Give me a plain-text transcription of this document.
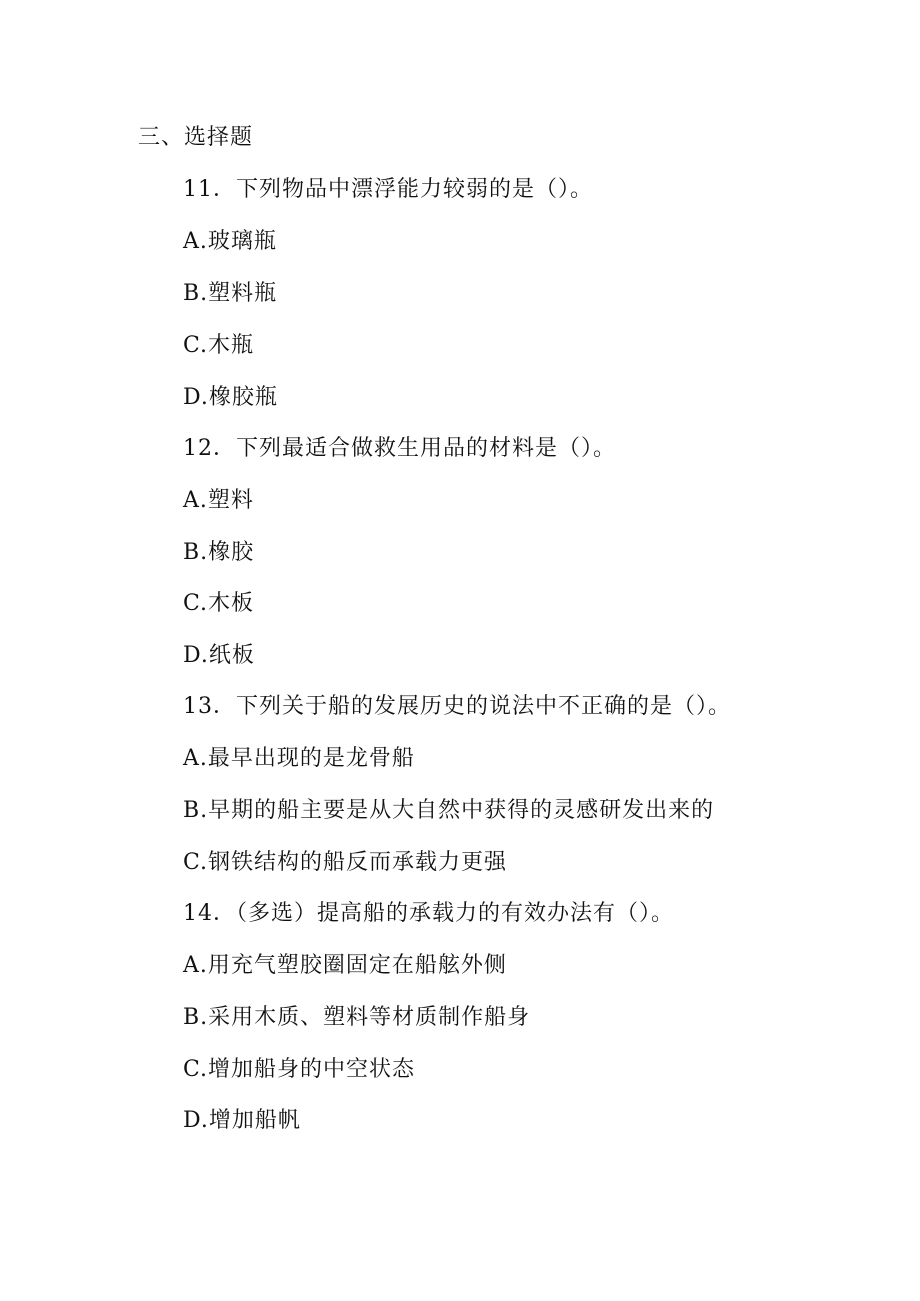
三、选择题
11．下列物品中漂浮能力较弱的是（）。
A.玻璃瓶
B.塑料瓶
C.木瓶
D.橡胶瓶
12．下列最适合做救生用品的材料是（）。
A.塑料
B.橡胶
C.木板
D.纸板
13．下列关于船的发展历史的说法中不正确的是（）。
A.最早出现的是龙骨船
B.早期的船主要是从大自然中获得的灵感研发出来的
C.钢铁结构的船反而承载力更强
14．（多选）提高船的承载力的有效办法有（）。
A.用充气塑胶圈固定在船舷外侧
B.采用木质、塑料等材质制作船身
C.增加船身的中空状态
D.增加船帆
